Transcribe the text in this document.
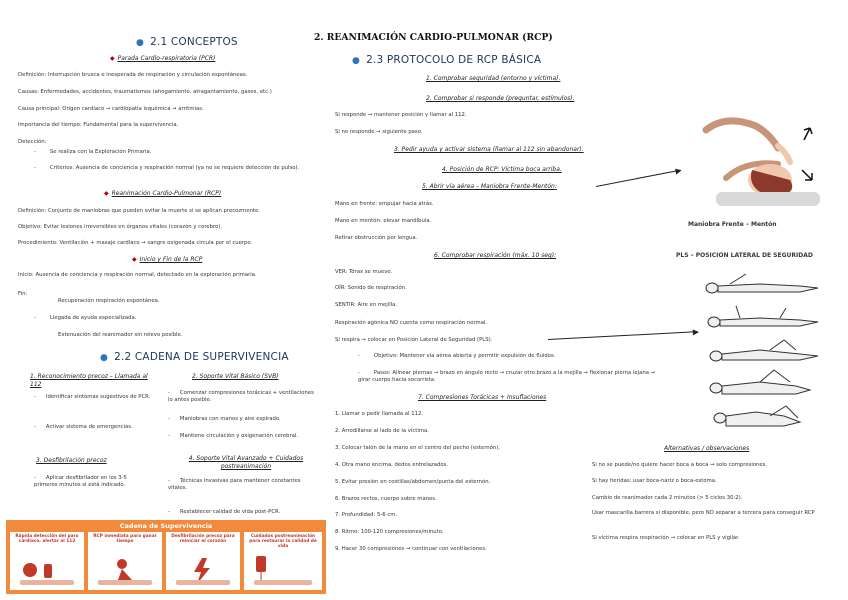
2. REANIMACIÓN CARDIO-PULMONAR (RCP)
● 2.1 CONCEPTOS
◆ Parada Cardio-respiratoria (PCR)
Definición: Interrupción brusca e inesperada de respiración y circulación espontáneas.
Causas: Enfermedades, accidentes, traumatismos (ahogamiento, atragantamiento, gases, etc.)
Causa principal: Origen cardíaco → cardiopatía isquémica → arritmias.
Importancia del tiempo: Fundamental para la supervivencia.
Detección:
-	Se realiza con la Exploración Primaria.
-	Criterios: Ausencia de conciencia y respiración normal (ya no se requiere detección de pulso).
◆ Reanimación Cardio-Pulmonar (RCP)
Definición: Conjunto de maniobras que pueden evitar la muerte si se aplican precozmente.
Objetivo: Evitar lesiones irreversibles en órganos vitales (corazón y cerebro).
Procedimiento: Ventilación + masaje cardíaco → sangre oxigenada circula por el cuerpo.
◆ Inicio y Fin de la RCP
Inicio: Ausencia de conciencia y respiración normal, detectado en la exploración primaria.
Fin:
Recuperación respiración espontánea.
-	Llegada de ayuda especializada.
Extenuación del reanimador sin relevo posible.
● 2.2 CADENA DE SUPERVIVENCIA
1. Reconocimiento precoz – Llamada al 112
- Identificar síntomas sugestivos de PCR.
- Activar sistema de emergencias.
3. Desfibrilación precoz
- Aplicar desfibrilador en los 3-5 primeros minutos si está indicado.
2. Soporte Vital Básico (SVB)
- Comenzar compresiones torácicas + ventilaciones lo antes posible.
- Maniobras con manos y aire espirado.
- Mantiene circulación y oxigenación cerebral.
4. Soporte Vital Avanzado + Cuidados postreanimación
- Técnicas invasivas para mantener constantes vitales.
- Restablecer calidad de vida post-PCR.
Cadena de Supervivencia
Rápida detección del paro cardíaco, alertar al 112
RCP inmediata para ganar tiempo
Desfibrilación precoz para reiniciar el corazón
Cuidados postreanimación para restaurar la calidad de vida
● 2.3 PROTOCOLO DE RCP BÁSICA
1. Comprobar seguridad (entorno y víctima).
2. Comprobar si responde (preguntar, estímulos).
Si responde → mantener posición y llamar al 112.
Si no responde → siguiente paso.
3. Pedir ayuda y activar sistema (llamar al 112 sin abandonar).
4. Posición de RCP: Víctima boca arriba.
5. Abrir vía aérea – Maniobra Frente-Mentón:
Mano en frente: empujar hacia atrás.
Mano en mentón: elevar mandíbula.
Retirar obstrucción por lengua.
6. Comprobar respiración (máx. 10 seg):
VER: Tórax se mueve.
OÍR: Sonido de respiración.
SENTIR: Aire en mejilla.
Respiración agónica NO cuenta como respiración normal.
Si respira → colocar en Posición Lateral de Seguridad (PLS).
-	Objetivo: Mantener vía aérea abierta y permitir expulsión de fluidos.
-	Pasos: Alinear piernas → brazo en ángulo recto → cruzar otro brazo a la mejilla → flexionar pierna lejana → girar cuerpo hacia socorrista.
7. Compresiones Torácicas + Insuflaciones
1. Llamar o pedir llamada al 112.
2. Arrodillarse al lado de la víctima.
3. Colocar talón de la mano en el centro del pecho (esternón).
4. Otra mano encima, dedos entrelazados.
5. Evitar presión en costillas/abdomen/punta del esternón.
6. Brazos rectos, cuerpo sobre manos.
7. Profundidad: 5-6 cm.
8. Ritmo: 100-120 compresiones/minuto.
9. Hacer 30 compresiones → continuar con ventilaciones.
Alternativas / observaciones
Si no se puede/no quiere hacer boca a boca → solo compresiones.
Si hay heridas: usar boca-nariz o boca-estoma.
Cambio de reanimador cada 2 minutos (> 5 ciclos 30:2).
Usar mascarilla barrera si disponible, pero NO separar a tercera para conseguir RCP
Si víctima respira respiración → colocar en PLS y vigilar.
Maniobra Frente – Mentón
PLS – POSICION LATERAL DE SEGURIDAD
